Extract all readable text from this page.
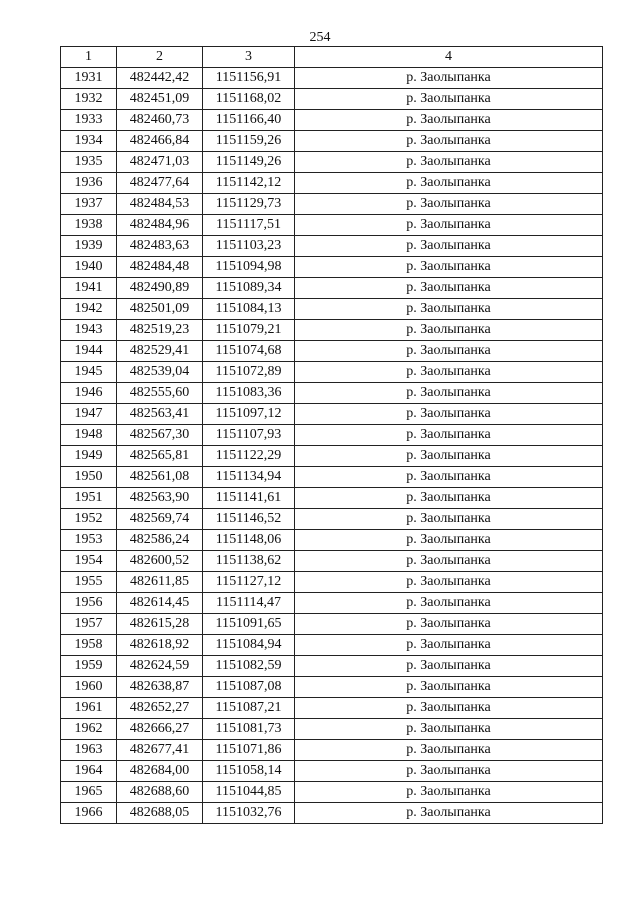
254
1	2	3	4
1931	482442,42	1151156,91	р. Заолыпанка
1932	482451,09	1151168,02	р. Заолыпанка
1933	482460,73	1151166,40	р. Заолыпанка
1934	482466,84	1151159,26	р. Заолыпанка
1935	482471,03	1151149,26	р. Заолыпанка
1936	482477,64	1151142,12	р. Заолыпанка
1937	482484,53	1151129,73	р. Заолыпанка
1938	482484,96	1151117,51	р. Заолыпанка
1939	482483,63	1151103,23	р. Заолыпанка
1940	482484,48	1151094,98	р. Заолыпанка
1941	482490,89	1151089,34	р. Заолыпанка
1942	482501,09	1151084,13	р. Заолыпанка
1943	482519,23	1151079,21	р. Заолыпанка
1944	482529,41	1151074,68	р. Заолыпанка
1945	482539,04	1151072,89	р. Заолыпанка
1946	482555,60	1151083,36	р. Заолыпанка
1947	482563,41	1151097,12	р. Заолыпанка
1948	482567,30	1151107,93	р. Заолыпанка
1949	482565,81	1151122,29	р. Заолыпанка
1950	482561,08	1151134,94	р. Заолыпанка
1951	482563,90	1151141,61	р. Заолыпанка
1952	482569,74	1151146,52	р. Заолыпанка
1953	482586,24	1151148,06	р. Заолыпанка
1954	482600,52	1151138,62	р. Заолыпанка
1955	482611,85	1151127,12	р. Заолыпанка
1956	482614,45	1151114,47	р. Заолыпанка
1957	482615,28	1151091,65	р. Заолыпанка
1958	482618,92	1151084,94	р. Заолыпанка
1959	482624,59	1151082,59	р. Заолыпанка
1960	482638,87	1151087,08	р. Заолыпанка
1961	482652,27	1151087,21	р. Заолыпанка
1962	482666,27	1151081,73	р. Заолыпанка
1963	482677,41	1151071,86	р. Заолыпанка
1964	482684,00	1151058,14	р. Заолыпанка
1965	482688,60	1151044,85	р. Заолыпанка
1966	482688,05	1151032,76	р. Заолыпанка
